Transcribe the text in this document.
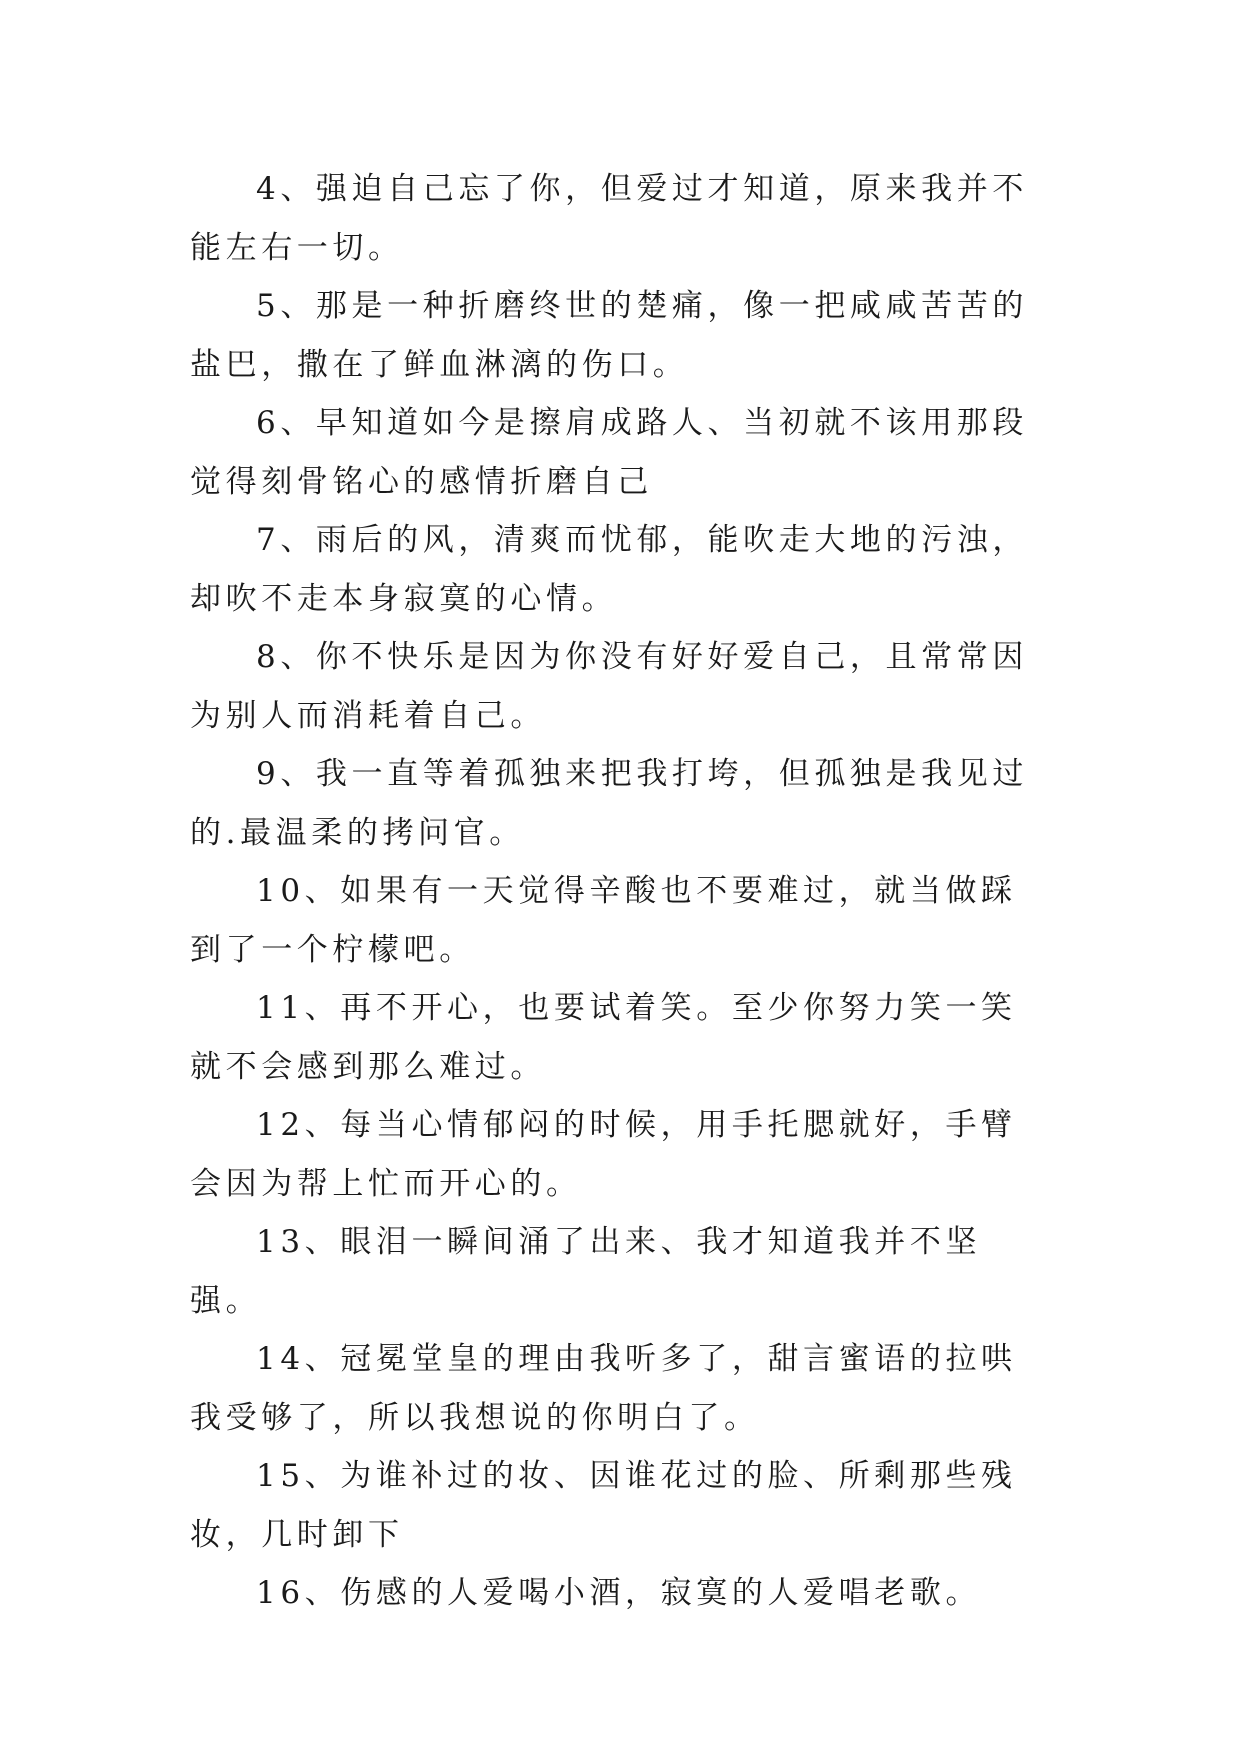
4、强迫自己忘了你，但爱过才知道，原来我并不能左右一切。

5、那是一种折磨终世的楚痛，像一把咸咸苦苦的盐巴，撒在了鲜血淋漓的伤口。

6、早知道如今是擦肩成路人、当初就不该用那段觉得刻骨铭心的感情折磨自己

7、雨后的风，清爽而忧郁，能吹走大地的污浊，却吹不走本身寂寞的心情。

8、你不快乐是因为你没有好好爱自己，且常常因为别人而消耗着自己。

9、我一直等着孤独来把我打垮，但孤独是我见过的.最温柔的拷问官。

10、如果有一天觉得辛酸也不要难过，就当做踩到了一个柠檬吧。

11、再不开心，也要试着笑。至少你努力笑一笑就不会感到那么难过。

12、每当心情郁闷的时候，用手托腮就好，手臂会因为帮上忙而开心的。

13、眼泪一瞬间涌了出来、我才知道我并不坚强。

14、冠冕堂皇的理由我听多了，甜言蜜语的拉哄我受够了，所以我想说的你明白了。

15、为谁补过的妆、因谁花过的脸、所剩那些残妆，几时卸下

16、伤感的人爱喝小酒，寂寞的人爱唱老歌。
